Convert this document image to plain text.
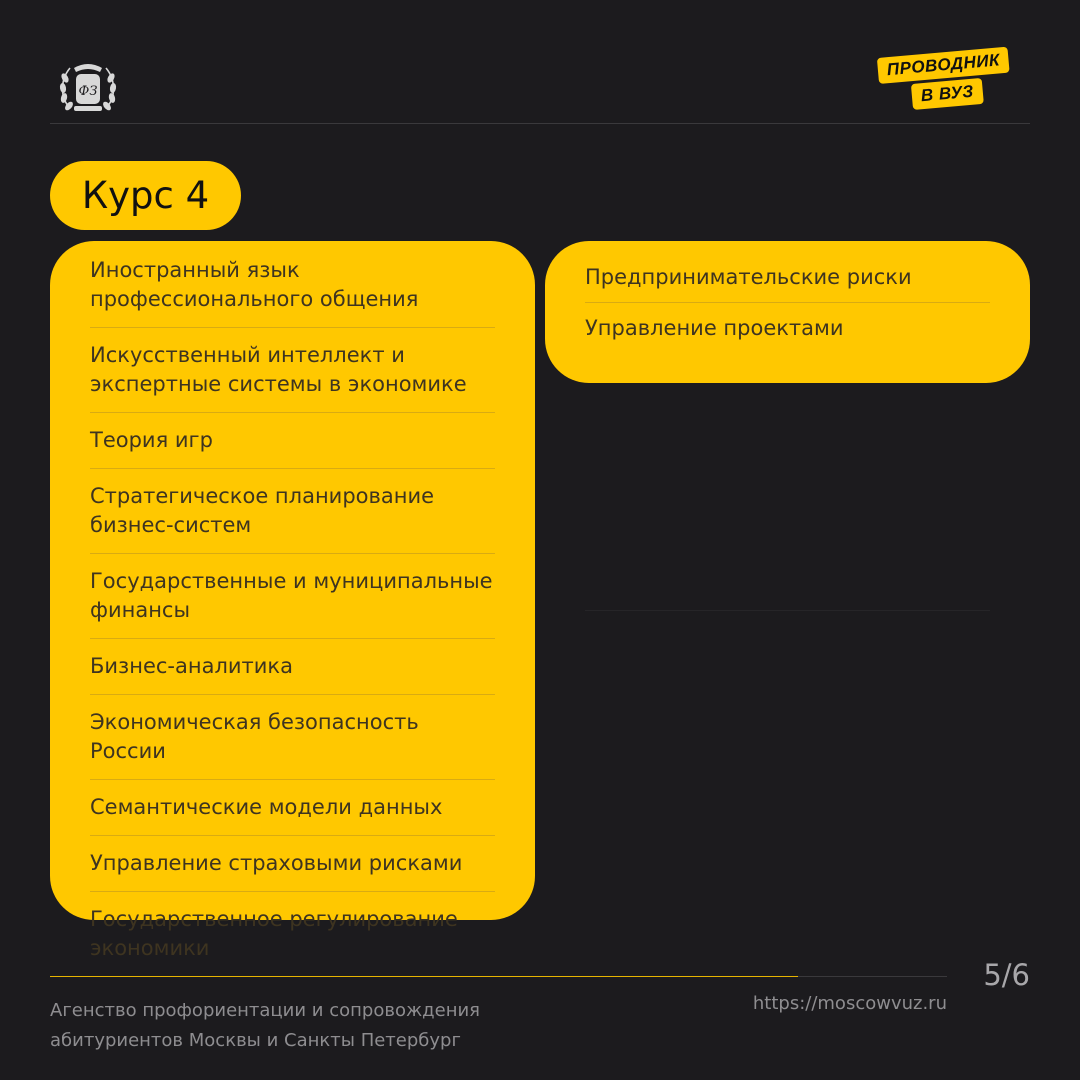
ФЗ
ПРОВОДНИК
В ВУЗ
Курс 4
Иностранный язык профессионального общения
Искусственный интеллект и экспертные системы в экономике
Теория игр
Стратегическое планирование бизнес-систем
Государственные и муниципальные финансы
Бизнес-аналитика
Экономическая безопасность России
Семантические модели данных
Управление страховыми рисками
Государственное регулирование экономики
Предпринимательские риски
Управление проектами
5/6
Агенство профориентации и сопровождения абитуриентов Москвы и Санкты Петербург
https://moscowvuz.ru
